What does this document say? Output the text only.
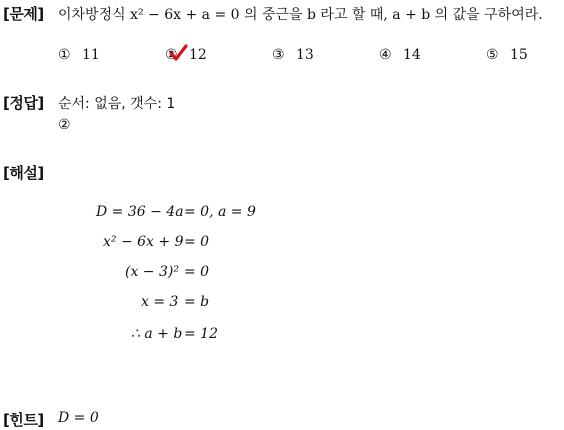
[문제] 이차방정식 x² − 6x + a = 0 의 중근을 b 라고 할 때, a + b 의 값을 구하여라.
① 11	② 12	③ 13	④ 14	⑤ 15
[정답] 순서: 없음, 갯수: 1
②
[해설]
D = 36 − 4a = 0, a = 9
x² − 6x + 9 = 0
(x − 3)² = 0
x = 3 = b
∴ a + b = 12
[힌트] D = 0
